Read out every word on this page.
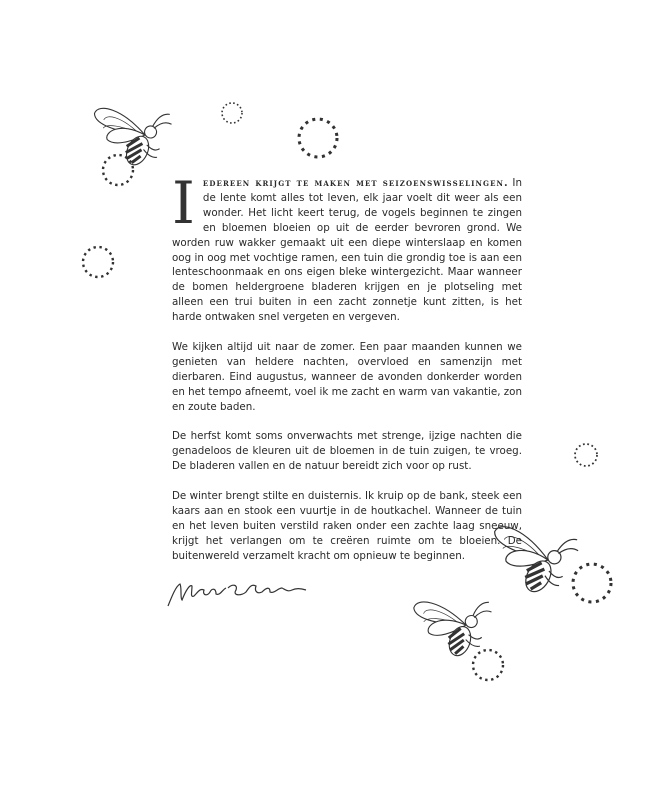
Iedereen krijgt te maken met seizoenswisselingen. In de lente komt alles tot leven, elk jaar voelt dit weer als een wonder. Het licht keert terug, de vogels beginnen te zingen en bloemen bloeien op uit de eerder bevroren grond. We worden ruw wakker gemaakt uit een diepe winterslaap en komen oog in oog met vochtige ramen, een tuin die grondig toe is aan een lenteschoonmaak en ons eigen bleke wintergezicht. Maar wanneer de bomen heldergroene bladeren krijgen en je plotseling met alleen een trui buiten in een zacht zonnetje kunt zitten, is het harde ontwaken snel vergeten en vergeven.

We kijken altijd uit naar de zomer. Een paar maanden kunnen we genieten van heldere nachten, overvloed en samenzijn met dierbaren. Eind augustus, wanneer de avonden donkerder worden en het tempo afneemt, voel ik me zacht en warm van vakantie, zon en zoute baden.

De herfst komt soms onverwachts met strenge, ijzige nachten die genadeloos de kleuren uit de bloemen in de tuin zuigen, te vroeg. De bladeren vallen en de natuur bereidt zich voor op rust.

De winter brengt stilte en duisternis. Ik kruip op de bank, steek een kaars aan en stook een vuurtje in de houtkachel. Wanneer de tuin en het leven buiten verstild raken onder een zachte laag sneeuw, krijgt het verlangen om te creëren ruimte om te bloeien. De buitenwereld verzamelt kracht om opnieuw te beginnen.
